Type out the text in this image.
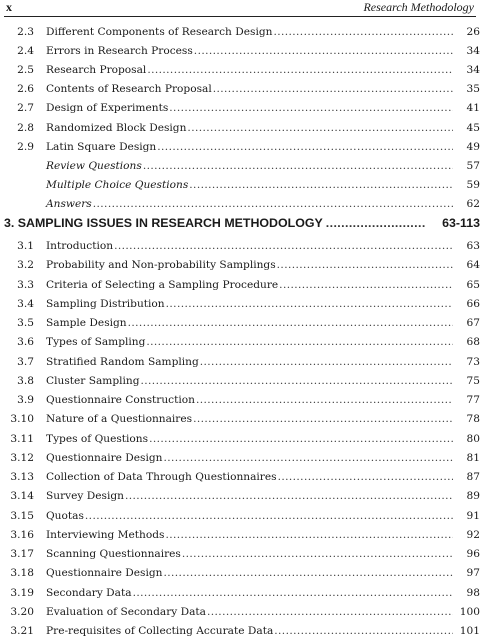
x	Research Methodology
2.3	Different Components of Research Design .....	26
2.4	Errors in Research Process .....	34
2.5	Research Proposal .....	34
2.6	Contents of Research Proposal .....	35
2.7	Design of Experiments .....	41
2.8	Randomized Block Design .....	45
2.9	Latin Square Design .....	49
Review Questions .....	57
Multiple Choice Questions .....	59
Answers .....	62
3. SAMPLING ISSUES IN RESEARCH METHODOLOGY .....	63-113
3.1	Introduction .....	63
3.2	Probability and Non-probability Samplings .....	64
3.3	Criteria of Selecting a Sampling Procedure .....	65
3.4	Sampling Distribution .....	66
3.5	Sample Design .....	67
3.6	Types of Sampling .....	68
3.7	Stratified Random Sampling .....	73
3.8	Cluster Sampling .....	75
3.9	Questionnaire Construction .....	77
3.10	Nature of a Questionnaires .....	78
3.11	Types of Questions .....	80
3.12	Questionnaire Design .....	81
3.13	Collection of Data Through Questionnaires .....	87
3.14	Survey Design .....	89
3.15	Quotas .....	91
3.16	Interviewing Methods .....	92
3.17	Scanning Questionnaires .....	96
3.18	Questionnaire Design .....	97
3.19	Secondary Data .....	98
3.20	Evaluation of Secondary Data .....	100
3.21	Pre-requisites of Collecting Accurate Data .....	101
